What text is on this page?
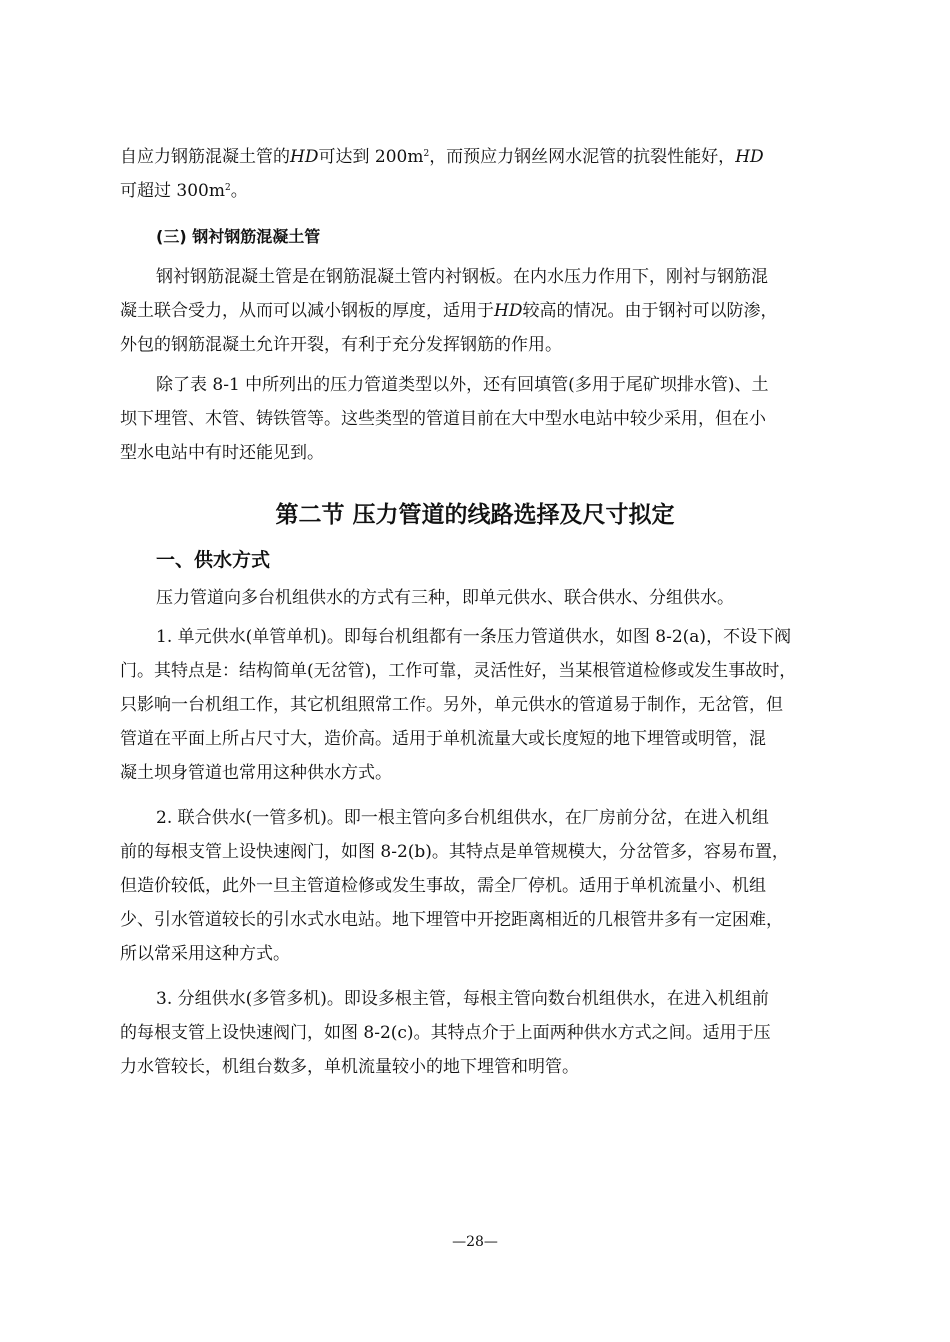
自应力钢筋混凝土管的HD可达到 $200m^2$，而预应力钢丝网水泥管的抗裂性能好，HD
可超过 $300m^2$。

(三) 钢衬钢筋混凝土管

钢衬钢筋混凝土管是在钢筋混凝土管内衬钢板。在内水压力作用下，刚衬与钢筋混
凝土联合受力，从而可以减小钢板的厚度，适用于HD较高的情况。由于钢衬可以防渗，
外包的钢筋混凝土允许开裂，有利于充分发挥钢筋的作用。

除了表 8-1 中所列出的压力管道类型以外，还有回填管(多用于尾矿坝排水管)、土
坝下埋管、木管、铸铁管等。这些类型的管道目前在大中型水电站中较少采用，但在小
型水电站中有时还能见到。

第二节 压力管道的线路选择及尺寸拟定
一、供水方式

压力管道向多台机组供水的方式有三种，即单元供水、联合供水、分组供水。

1. 单元供水(单管单机)。即每台机组都有一条压力管道供水，如图 8-2(a)，不设下阀
门。其特点是：结构简单(无岔管)，工作可靠，灵活性好，当某根管道检修或发生事故时，
只影响一台机组工作，其它机组照常工作。另外，单元供水的管道易于制作，无岔管，但
管道在平面上所占尺寸大，造价高。适用于单机流量大或长度短的地下埋管或明管，混
凝土坝身管道也常用这种供水方式。

2. 联合供水(一管多机)。即一根主管向多台机组供水，在厂房前分岔，在进入机组
前的每根支管上设快速阀门，如图 8-2(b)。其特点是单管规模大，分岔管多，容易布置，
但造价较低，此外一旦主管道检修或发生事故，需全厂停机。适用于单机流量小、机组
少、引水管道较长的引水式水电站。地下埋管中开挖距离相近的几根管井多有一定困难，
所以常采用这种方式。

3. 分组供水(多管多机)。即设多根主管，每根主管向数台机组供水，在进入机组前
的每根支管上设快速阀门，如图 8-2(c)。其特点介于上面两种供水方式之间。适用于压
力水管较长，机组台数多，单机流量较小的地下埋管和明管。

—28—
